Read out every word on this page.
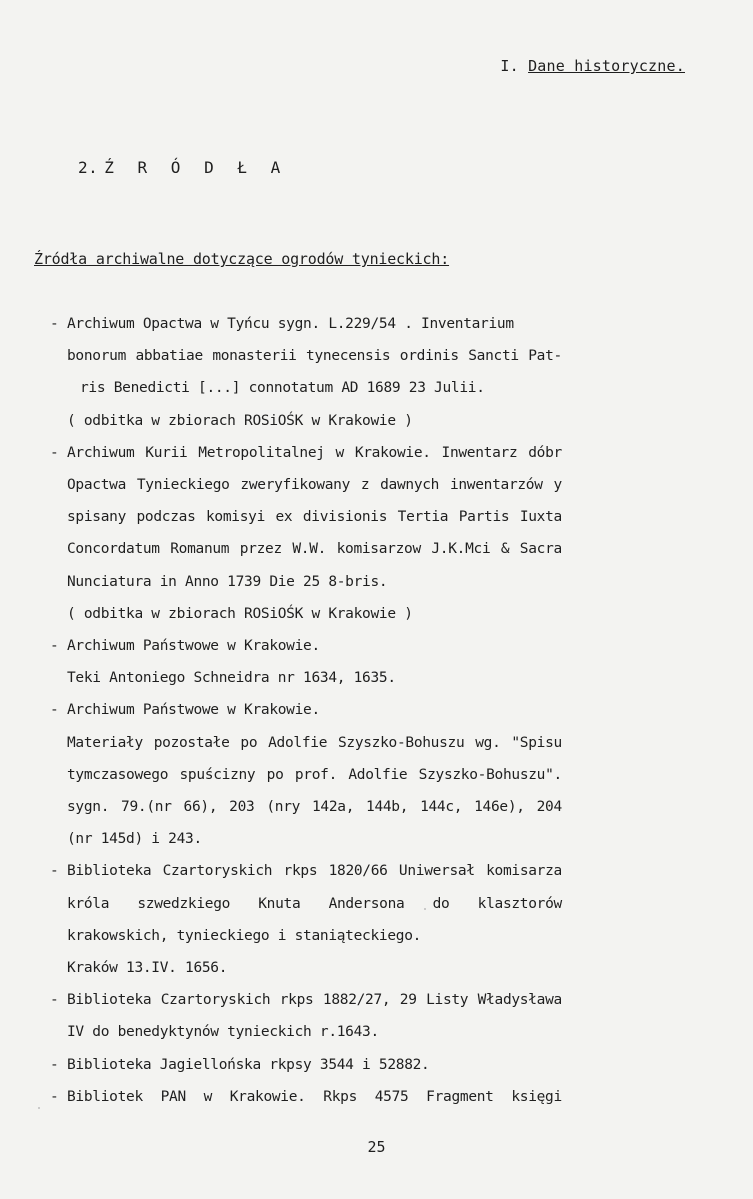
I. Dane historyczne.
2. Ź R Ó D Ł A
Źródła archiwalne dotyczące ogrodów tynieckich:
- Archiwum Opactwa w Tyńcu sygn. L.229/54 . Inventarium
bonorum abbatiae monasterii tynecensis ordinis Sancti Pat-
ris Benedicti [...] connotatum AD 1689 23 Julii.
( odbitka w zbiorach ROSiOŚK w Krakowie )
- Archiwum Kurii Metropolitalnej w Krakowie. Inwentarz dóbr
Opactwa Tynieckiego zweryfikowany z dawnych inwentarzów y
spisany podczas komisyi ex divisionis Tertia Partis Iuxta
Concordatum Romanum przez W.W. komisarzow J.K.Mci & Sacra
Nunciatura in Anno 1739 Die 25 8-bris.
( odbitka w zbiorach ROSiOŚK w Krakowie )
- Archiwum Państwowe w Krakowie.
Teki Antoniego Schneidra nr 1634, 1635.
- Archiwum Państwowe w Krakowie.
Materiały pozostałe po Adolfie Szyszko-Bohuszu wg. "Spisu
tymczasowego spuścizny po prof. Adolfie Szyszko-Bohuszu".
sygn. 79.(nr 66), 203 (nry 142a, 144b, 144c, 146e), 204
(nr 145d) i 243.
- Biblioteka Czartoryskich rkps 1820/66 Uniwersał komisarza
króla szwedzkiego Knuta Andersona do klasztorów
krakowskich, tynieckiego i staniąteckiego.
Kraków 13.IV. 1656.
- Biblioteka Czartoryskich rkps 1882/27, 29 Listy Władysława
IV do benedyktynów tynieckich r.1643.
- Biblioteka Jagiellońska rkpsy 3544 i 52882.
- Bibliotek PAN w Krakowie. Rkps 4575 Fragment księgi
25
